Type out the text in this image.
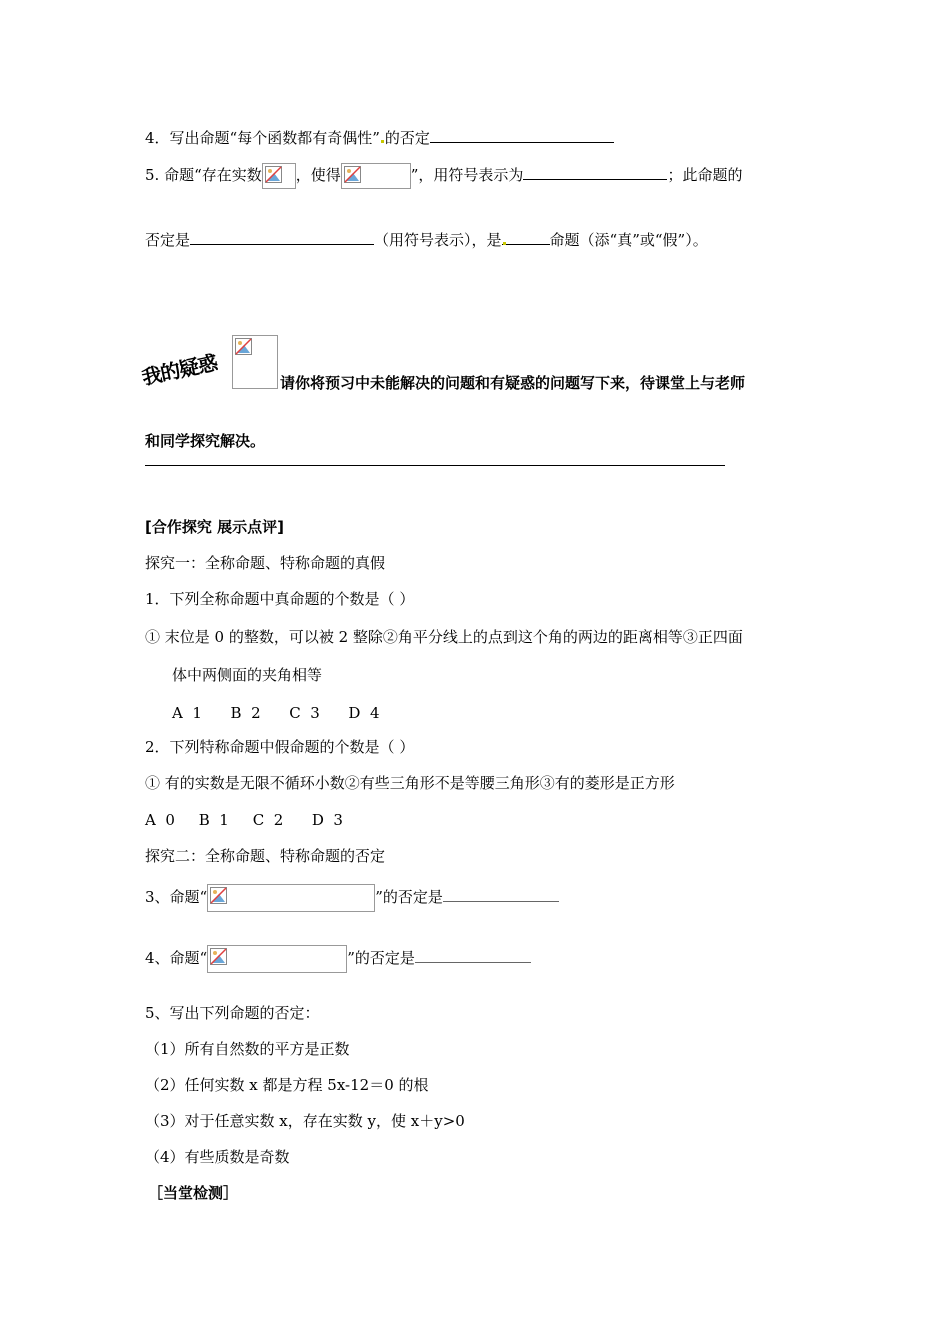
4．写出命题“每个函数都有奇偶性” 的否定
5. 命题“存在实数 ，使得	”，用符号表示为	；此命题的
否定是	（用符号表示），是	命题（添“真”或“假”）。
我的疑惑	请你将预习中未能解决的问题和有疑惑的问题写下来，待课堂上与老师
和同学探究解决。
[合作探究 展示点评]
探究一：全称命题、特称命题的真假
1．下列全称命题中真命题的个数是（ ）
① 末位是 0 的整数，可以被 2 整除②角平分线上的点到这个角的两边的距离相等③正四面
体中两侧面的夹角相等
A  1      B  2      C  3      D  4
2．下列特称命题中假命题的个数是（ ）
① 有的实数是无限不循环小数②有些三角形不是等腰三角形③有的菱形是正方形
A  0     B  1     C  2      D  3
探究二：全称命题、特称命题的否定
3、命题“	”的否定是
4、命题“	”的否定是
5、写出下列命题的否定：
（1）所有自然数的平方是正数
（2）任何实数 x 都是方程 5x-12＝0 的根
（3）对于任意实数 x，存在实数 y，使 x＋y>0
（4）有些质数是奇数
［当堂检测］
